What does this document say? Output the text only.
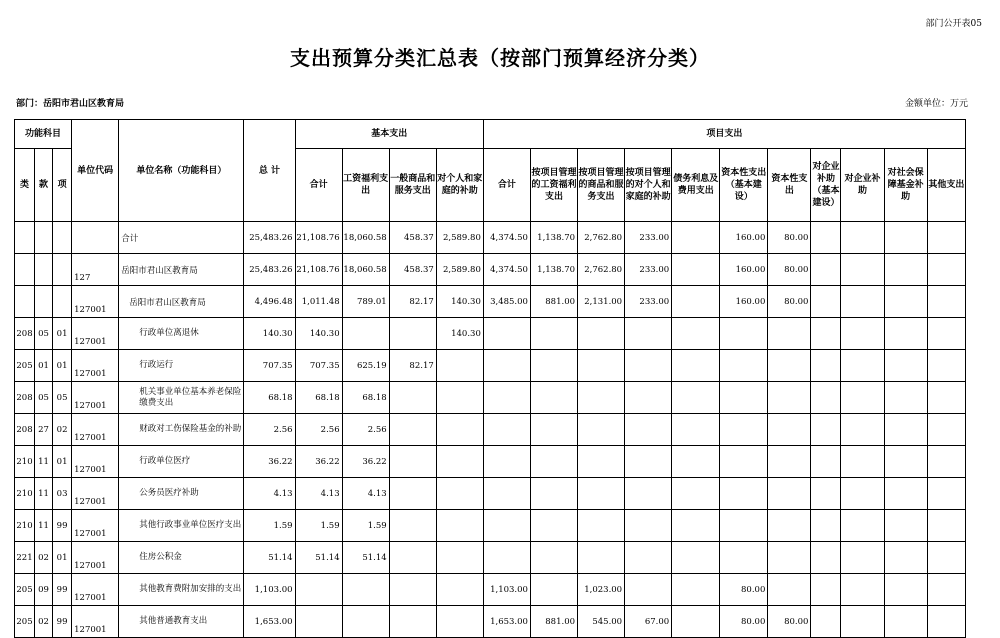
部门公开表05
支出预算分类汇总表（按部门预算经济分类）
部门：岳阳市君山区教育局	金额单位：万元
功能科目			单位代码	单位名称（功能科目）	总 计	基本支出				项目支出										
类	款	项				合计	工资福利支出	一般商品和服务支出	对个人和家庭的补助	合计	按项目管理的工资福利支出	按项目管理的商品和服务支出	按项目管理的对个人和家庭的补助	债务利息及费用支出	资本性支出（基本建设）	资本性支出	对企业补助（基本建设）	对企业补助	对社会保障基金补助	其他支出
				合计	25,483.26	21,108.76	18,060.58	458.37	2,589.80	4,374.50	1,138.70	2,762.80	233.00		160.00	80.00				
			127	岳阳市君山区教育局	25,483.26	21,108.76	18,060.58	458.37	2,589.80	4,374.50	1,138.70	2,762.80	233.00		160.00	80.00				
			127001	岳阳市君山区教育局	4,496.48	1,011.48	789.01	82.17	140.30	3,485.00	881.00	2,131.00	233.00		160.00	80.00				
208	05	01	127001	行政单位离退休	140.30	140.30			140.30											
205	01	01	127001	行政运行	707.35	707.35	625.19	82.17												
208	05	05	127001	机关事业单位基本养老保险缴费支出	68.18	68.18	68.18													
208	27	02	127001	财政对工伤保险基金的补助	2.56	2.56	2.56													
210	11	01	127001	行政单位医疗	36.22	36.22	36.22													
210	11	03	127001	公务员医疗补助	4.13	4.13	4.13													
210	11	99	127001	其他行政事业单位医疗支出	1.59	1.59	1.59													
221	02	01	127001	住房公积金	51.14	51.14	51.14													
205	09	99	127001	其他教育费附加安排的支出	1,103.00					1,103.00		1,023.00			80.00					
205	02	99	127001	其他普通教育支出	1,653.00					1,653.00	881.00	545.00	67.00		80.00	80.00				
